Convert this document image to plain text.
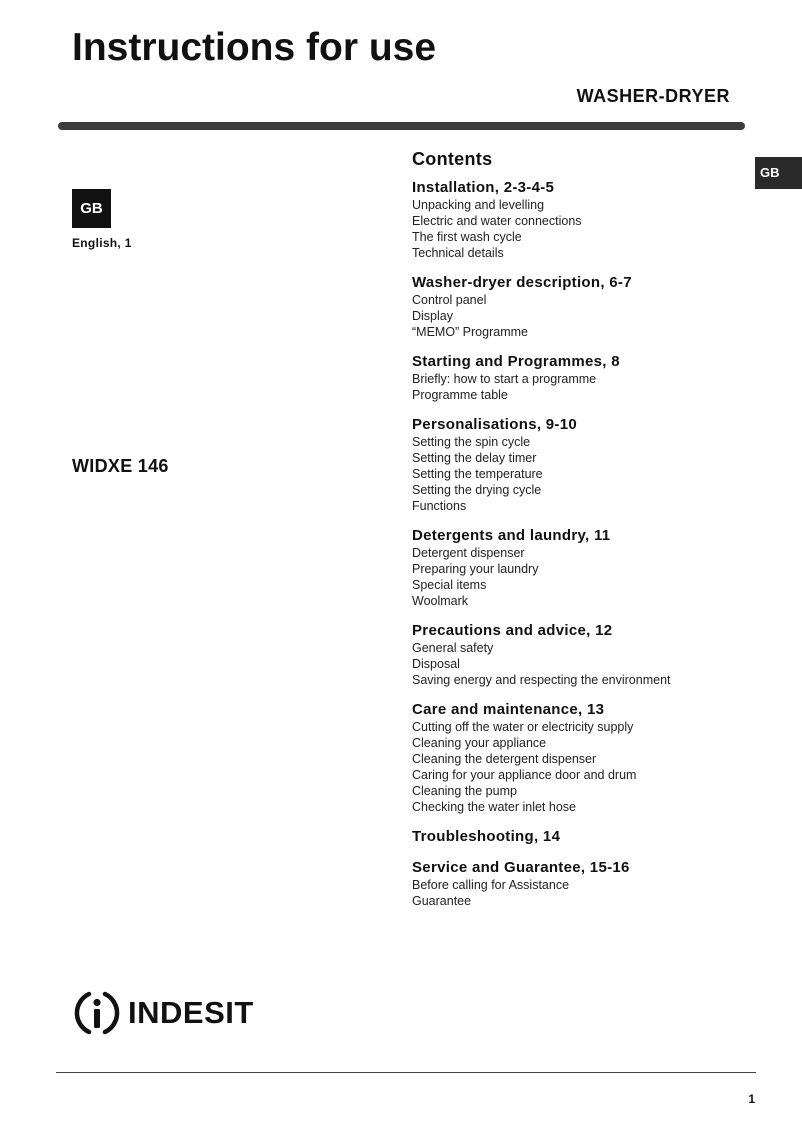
Instructions for use
WASHER-DRYER
GB
English, 1
GB
WIDXE 146
Contents
Installation, 2-3-4-5
Unpacking and levelling
Electric and water connections
The first wash cycle
Technical details
Washer-dryer description, 6-7
Control panel
Display
“MEMO” Programme
Starting and Programmes, 8
Briefly: how to start a programme
Programme table
Personalisations, 9-10
Setting the spin cycle
Setting the delay timer
Setting the temperature
Setting the drying cycle
Functions
Detergents and laundry, 11
Detergent dispenser
Preparing your laundry
Special items
Woolmark
Precautions and advice, 12
General safety
Disposal
Saving energy and respecting the environment
Care and maintenance, 13
Cutting off the water or electricity supply
Cleaning your appliance
Cleaning the detergent dispenser
Caring for your appliance door and drum
Cleaning the pump
Checking the water inlet hose
Troubleshooting, 14
Service and Guarantee, 15-16
Before calling for Assistance
Guarantee
INDESIT
1
